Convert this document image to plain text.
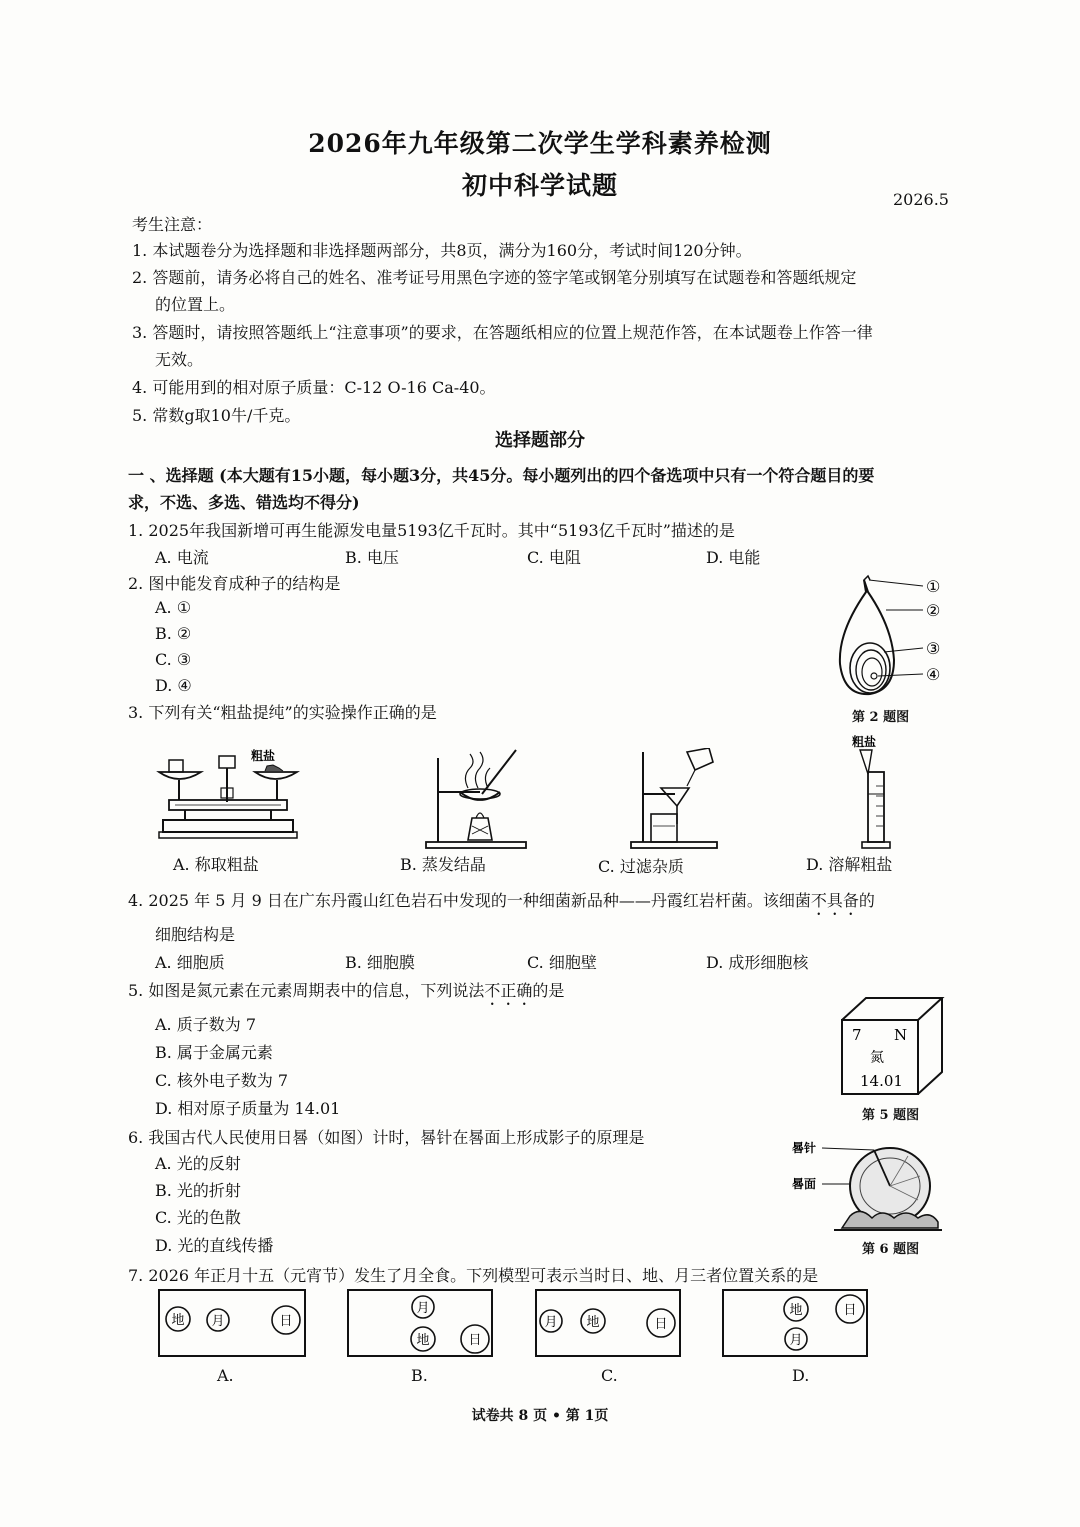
2026年九年级第二次学生学科素养检测
初中科学试题	2026.5
考生注意：
1. 本试题卷分为选择题和非选择题两部分，共8页，满分为160分，考试时间120分钟。
2. 答题前，请务必将自己的姓名、准考证号用黑色字迹的签字笔或钢笔分别填写在试题卷和答题纸规定
的位置上。
3. 答题时，请按照答题纸上“注意事项”的要求，在答题纸相应的位置上规范作答，在本试题卷上作答一律
无效。
4. 可能用到的相对原子质量：C-12 O-16 Ca-40。
5. 常数g取10牛/千克。
选择题部分
一 、选择题 (本大题有15小题，每小题3分，共45分。每小题列出的四个备选项中只有一个符合题目的要
求，不选、多选、错选均不得分)
1. 2025年我国新增可再生能源发电量5193亿千瓦时。其中“5193亿千瓦时”描述的是
A. 电流	B. 电压	C. 电阻	D. 电能
2. 图中能发育成种子的结构是
A. ①
B. ②
C. ③
D. ④
①
②
③
④
第 2 题图
3. 下列有关“粗盐提纯”的实验操作正确的是
粗盐
A. 称取粗盐	B. 蒸发结晶	C. 过滤杂质
粗盐
D. 溶解粗盐
4. 2025 年 5 月 9 日在广东丹霞山红色岩石中发现的一种细菌新品种——丹霞红岩杆菌。该细菌不具备的
细胞结构是
A. 细胞质	B. 细胞膜	C. 细胞壁	D. 成形细胞核
5. 如图是氮元素在元素周期表中的信息，下列说法不正确的是
A. 质子数为 7
B. 属于金属元素
C. 核外电子数为 7
D. 相对原子质量为 14.01
7 N
氮
14.01
第 5 题图
6. 我国古代人民使用日晷（如图）计时，晷针在晷面上形成影子的原理是
A. 光的反射
B. 光的折射
C. 光的色散
D. 光的直线传播
晷针
晷面
第 6 题图
7. 2026 年正月十五（元宵节）发生了月全食。下列模型可表示当时日、地、月三者位置关系的是
地 月	日
A.
月
地	日
B.
月 地	日
C.
地	日
月
D.
试卷共 8 页 • 第 1页
